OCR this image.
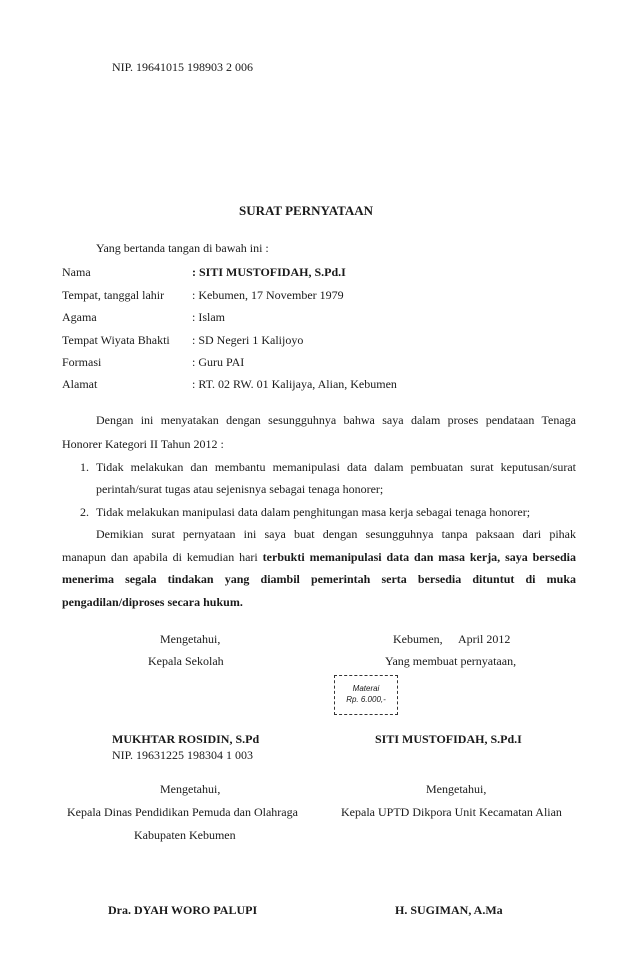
NIP. 19641015 198903 2 006
SURAT PERNYATAAN
Yang bertanda tangan di bawah ini :
Nama	: SITI MUSTOFIDAH, S.Pd.I
Tempat, tanggal lahir : Kebumen, 17 November 1979
Agama	: Islam
Tempat Wiyata Bhakti : SD Negeri 1 Kalijoyo
Formasi	: Guru PAI
Alamat	: RT. 02 RW. 01 Kalijaya, Alian, Kebumen
Dengan ini menyatakan dengan sesungguhnya bahwa saya dalam proses pendataan Tenaga
Honorer Kategori II Tahun 2012 :
1. Tidak melakukan dan membantu memanipulasi data dalam pembuatan surat keputusan/surat
perintah/surat tugas atau sejenisnya sebagai tenaga honorer;
2. Tidak melakukan manipulasi data dalam penghitungan masa kerja sebagai tenaga honorer;
Demikian surat pernyataan ini saya buat dengan sesungguhnya tanpa paksaan dari pihak
manapun dan apabila di kemudian hari terbukti memanipulasi data dan masa kerja, saya bersedia
menerima segala tindakan yang diambil pemerintah serta bersedia dituntut di muka
pengadilan/diproses secara hukum.
Mengetahui,
Kepala Sekolah
Kebumen, April 2012
Yang membuat pernyataan,
Materai
Rp. 6.000,-
MUKHTAR ROSIDIN, S.Pd
NIP. 19631225 198304 1 003
SITI MUSTOFIDAH, S.Pd.I
Mengetahui,
Kepala Dinas Pendidikan Pemuda dan Olahraga
Kabupaten Kebumen
Mengetahui,
Kepala UPTD Dikpora Unit Kecamatan Alian
Dra. DYAH WORO PALUPI	H. SUGIMAN, A.Ma
